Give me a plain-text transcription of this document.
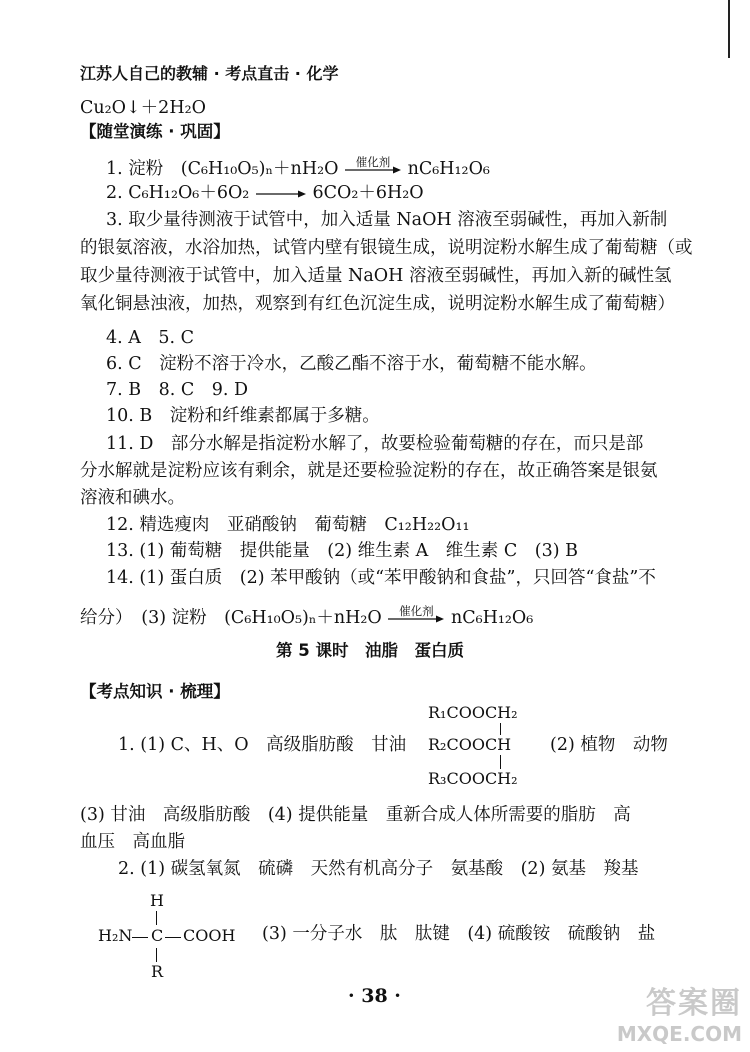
江苏人自己的教辅 · 考点直击 · 化学
Cu₂O↓＋2H₂O
【随堂演练 · 巩固】
1. 淀粉　(C₆H₁₀O₅)ₙ＋nH₂O	催化剂 nC₆H₁₂O₆
2. C₆H₁₂O₆＋6O₂ → 6CO₂＋6H₂O
3. 取少量待测液于试管中，加入适量 NaOH 溶液至弱碱性，再加入新制
的银氨溶液，水浴加热，试管内壁有银镜生成，说明淀粉水解生成了葡萄糖（或
取少量待测液于试管中，加入适量 NaOH 溶液至弱碱性，再加入新的碱性氢
氧化铜悬浊液，加热，观察到有红色沉淀生成，说明淀粉水解生成了葡萄糖）
4. A　5. C
6. C　淀粉不溶于冷水，乙酸乙酯不溶于水，葡萄糖不能水解。
7. B　8. C　9. D
10. B　淀粉和纤维素都属于多糖。
11. D　部分水解是指淀粉水解了，故要检验葡萄糖的存在，而只是部
分水解就是淀粉应该有剩余，就是还要检验淀粉的存在，故正确答案是银氨
溶液和碘水。
12. 精选瘦肉　亚硝酸钠　葡萄糖　C₁₂H₂₂O₁₁
13. (1) 葡萄糖　提供能量　(2) 维生素 A　维生素 C　(3) B
14. (1) 蛋白质　(2) 苯甲酸钠（或“苯甲酸钠和食盐”，只回答“食盐”不
给分）　(3) 淀粉　(C₆H₁₀O₅)ₙ＋nH₂O	催化剂 nC₆H₁₂O₆
第 5 课时　油脂　蛋白质
【考点知识 · 梳理】
1. (1) C、H、O　高级脂肪酸　甘油
R₁COOCH₂
R₂COOCH
R₃COOCH₂
(2) 植物　动物
(3) 甘油　高级脂肪酸　(4) 提供能量　重新合成人体所需要的脂肪　高
血压　高血脂
2. (1) 碳氢氧氮　硫磷　天然有机高分子　氨基酸　(2) 氨基　羧基
H
H₂N C COOH
R
(3) 一分子水　肽　肽键　(4) 硫酸铵　硫酸钠　盐
· 38 ·	答案圈
MXQE.COM
